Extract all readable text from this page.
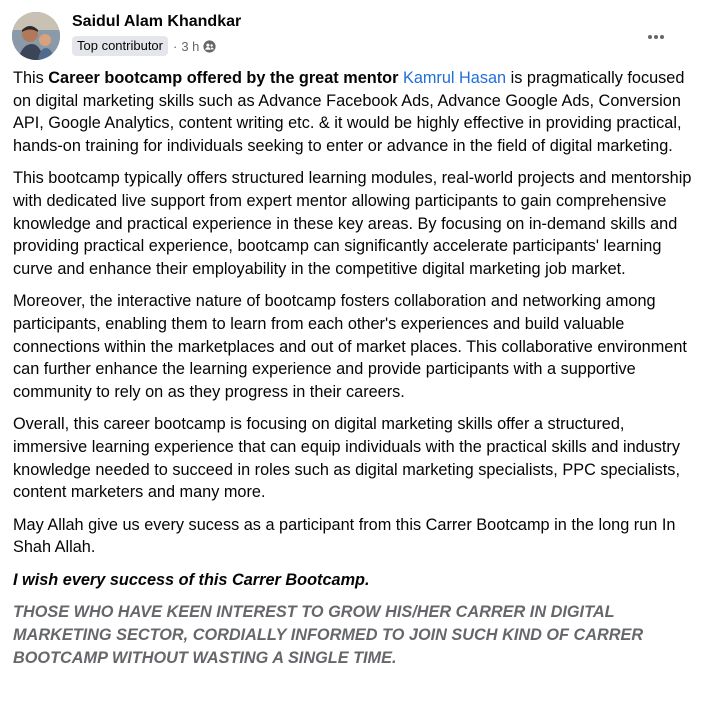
Saidul Alam Khandkar
Top contributor · 3 h

This Career bootcamp offered by the great mentor Kamrul Hasan is pragmatically focused on digital marketing skills such as Advance Facebook Ads, Advance Google Ads, Conversion API, Google Analytics, content writing etc. & it would be highly effective in providing practical, hands-on training for individuals seeking to enter or advance in the field of digital marketing.

This bootcamp typically offers structured learning modules, real-world projects and mentorship with dedicated live support from expert mentor allowing participants to gain comprehensive knowledge and practical experience in these key areas. By focusing on in-demand skills and providing practical experience, bootcamp can significantly accelerate participants' learning curve and enhance their employability in the competitive digital marketing job market.

Moreover, the interactive nature of bootcamp fosters collaboration and networking among participants, enabling them to learn from each other's experiences and build valuable connections within the marketplaces and out of market places. This collaborative environment can further enhance the learning experience and provide participants with a supportive community to rely on as they progress in their careers.

Overall, this career bootcamp is focusing on digital marketing skills offer a structured, immersive learning experience that can equip individuals with the practical skills and industry knowledge needed to succeed in roles such as digital marketing specialists, PPC specialists, content marketers and many more.

May Allah give us every sucess as a participant from this Carrer Bootcamp in the long run In Shah Allah.

I wish every success of this Carrer Bootcamp.

THOSE WHO HAVE KEEN INTEREST TO GROW HIS/HER CARRER IN DIGITAL MARKETING SECTOR, CORDIALLY INFORMED TO JOIN SUCH KIND OF CARRER BOOTCAMP WITHOUT WASTING A SINGLE TIME.
